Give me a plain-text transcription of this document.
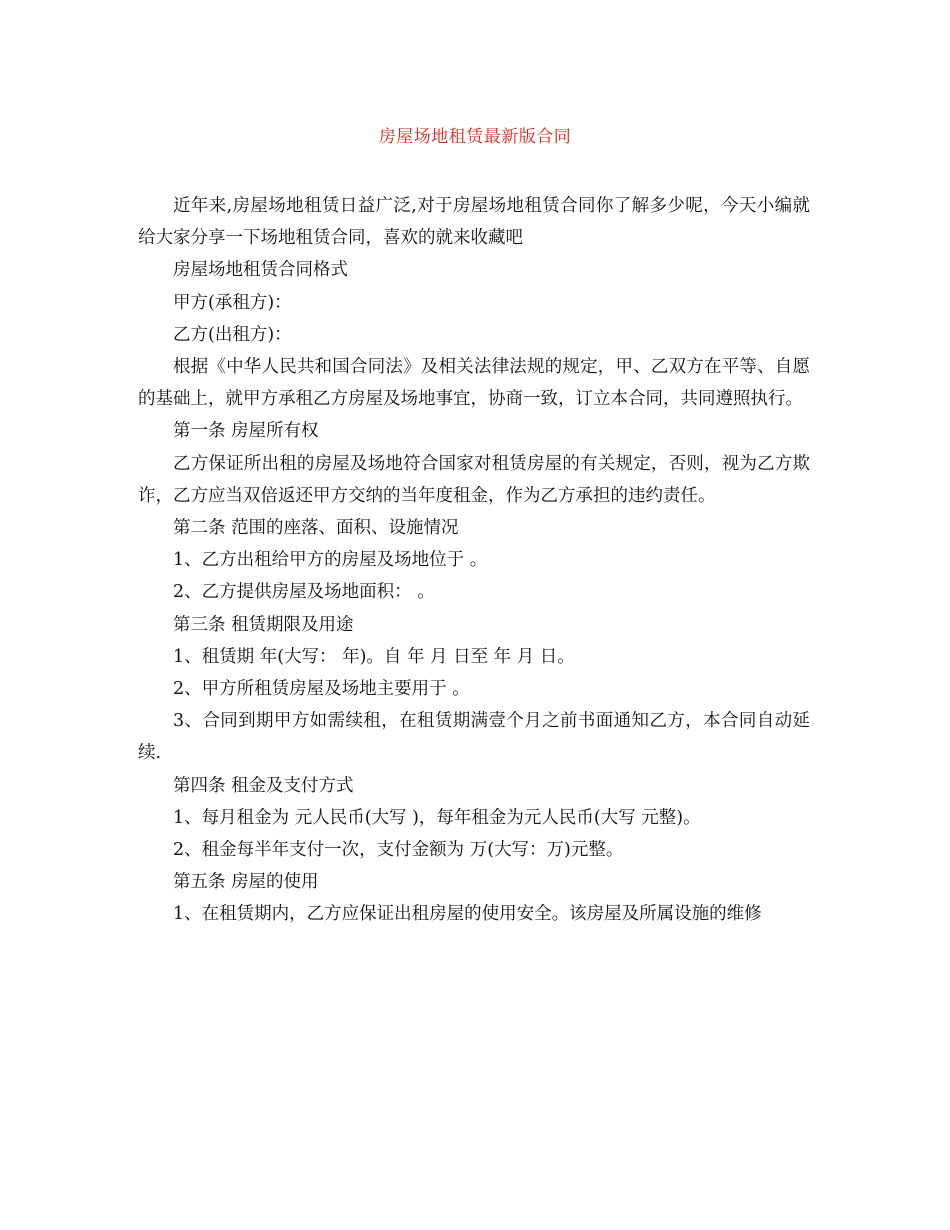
房屋场地租赁最新版合同

近年来,房屋场地租赁日益广泛,对于房屋场地租赁合同你了解多少呢，今天小编就给大家分享一下场地租赁合同，喜欢的就来收藏吧

房屋场地租赁合同格式

甲方(承租方)：

乙方(出租方)：

根据《中华人民共和国合同法》及相关法律法规的规定，甲、乙双方在平等、自愿的基础上，就甲方承租乙方房屋及场地事宜，协商一致，订立本合同，共同遵照执行。

第一条 房屋所有权

乙方保证所出租的房屋及场地符合国家对租赁房屋的有关规定，否则，视为乙方欺诈，乙方应当双倍返还甲方交纳的当年度租金，作为乙方承担的违约责任。

第二条 范围的座落、面积、设施情况

1、乙方出租给甲方的房屋及场地位于 。

2、乙方提供房屋及场地面积： 。

第三条 租赁期限及用途

1、租赁期 年(大写： 年)。自 年 月 日至 年 月 日。

2、甲方所租赁房屋及场地主要用于 。

3、合同到期甲方如需续租，在租赁期满壹个月之前书面通知乙方，本合同自动延续.

第四条 租金及支付方式

1、每月租金为 元人民币(大写 )，每年租金为元人民币(大写 元整)。

2、租金每半年支付一次，支付金额为 万(大写：万)元整。

第五条 房屋的使用

1、在租赁期内，乙方应保证出租房屋的使用安全。该房屋及所属设施的维修
